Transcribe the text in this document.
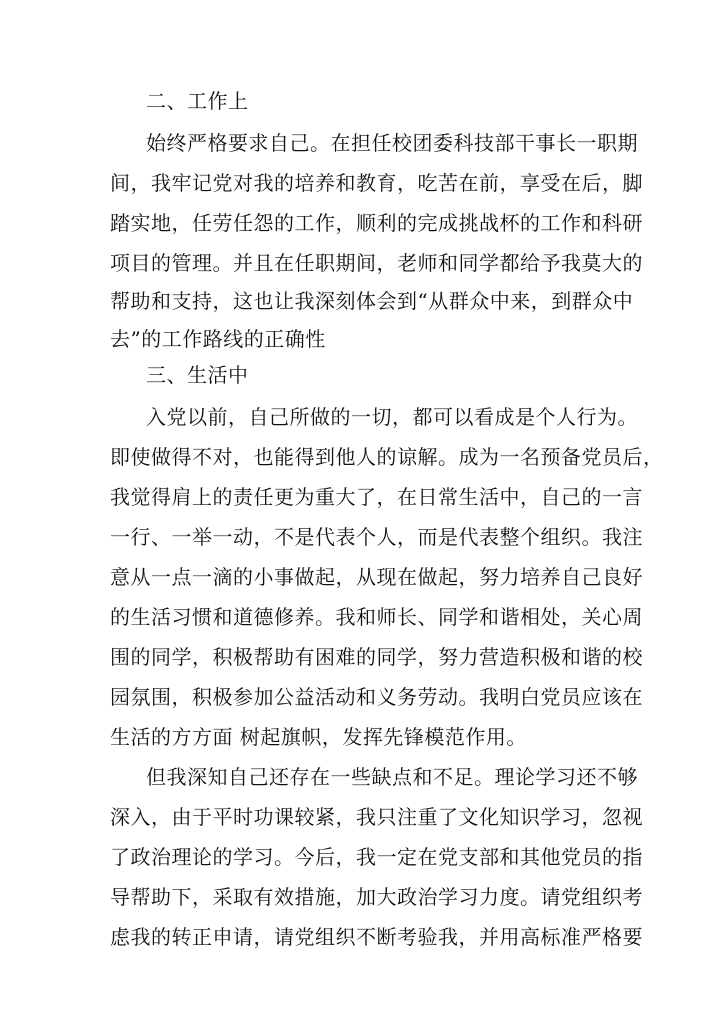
二、工作上
始终严格要求自己。在担任校团委科技部干事长一职期
间，我牢记党对我的培养和教育，吃苦在前，享受在后，脚
踏实地，任劳任怨的工作，顺利的完成挑战杯的工作和科研
项目的管理。并且在任职期间，老师和同学都给予我莫大的
帮助和支持，这也让我深刻体会到“从群众中来，到群众中
去”的工作路线的正确性
三、生活中
入党以前，自己所做的一切，都可以看成是个人行为。
即使做得不对，也能得到他人的谅解。成为一名预备党员后，
我觉得肩上的责任更为重大了，在日常生活中，自己的一言
一行、一举一动，不是代表个人，而是代表整个组织。我注
意从一点一滴的小事做起，从现在做起，努力培养自己良好
的生活习惯和道德修养。我和师长、同学和谐相处，关心周
围的同学，积极帮助有困难的同学，努力营造积极和谐的校
园氛围，积极参加公益活动和义务劳动。我明白党员应该在
生活的方方面 树起旗帜，发挥先锋模范作用。
但我深知自己还存在一些缺点和不足。理论学习还不够
深入，由于平时功课较紧，我只注重了文化知识学习，忽视
了政治理论的学习。今后，我一定在党支部和其他党员的指
导帮助下，采取有效措施，加大政治学习力度。请党组织考
虑我的转正申请，请党组织不断考验我，并用高标准严格要
